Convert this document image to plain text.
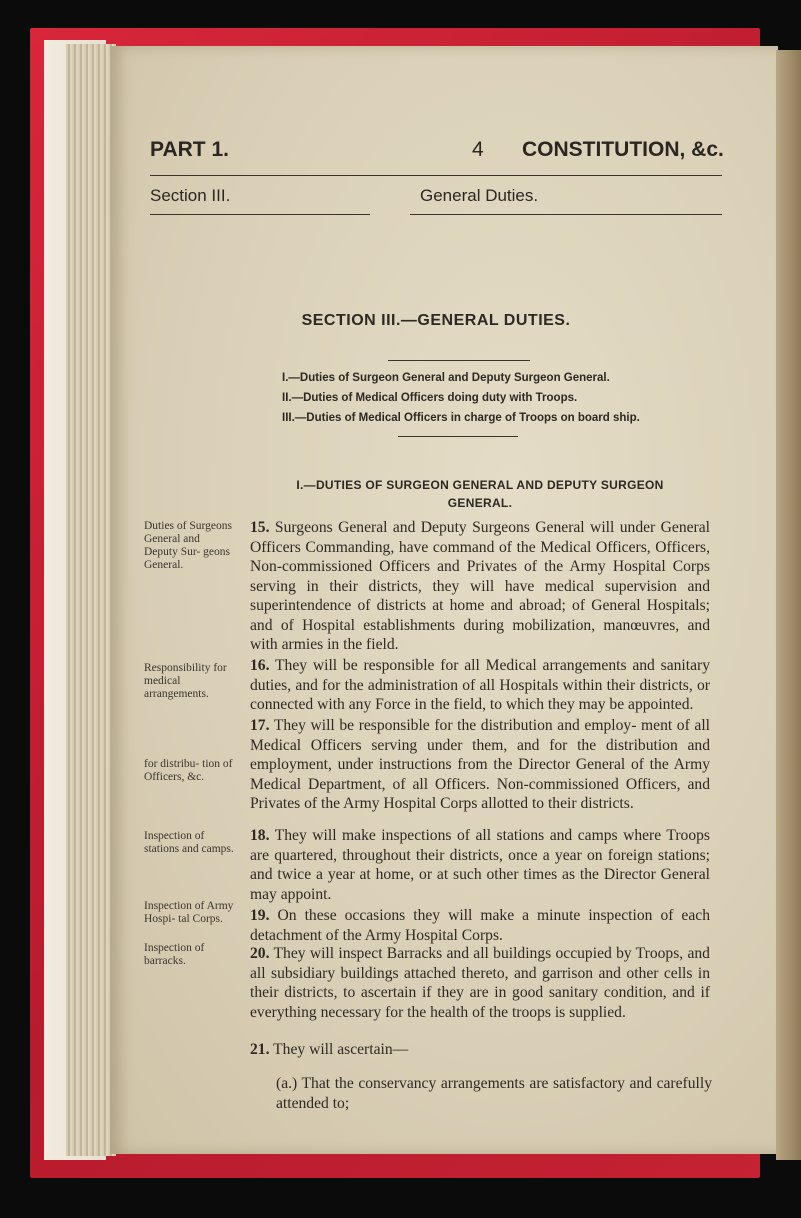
PART 1.	4 CONSTITUTION, &c.
Section III.	General Duties.
SECTION III.—GENERAL DUTIES.
I.—Duties of Surgeon General and Deputy Surgeon General.
II.—Duties of Medical Officers doing duty with Troops.
III.—Duties of Medical Officers in charge of Troops on board ship.
I.—DUTIES OF SURGEON GENERAL AND DEPUTY SURGEON
GENERAL.
Duties of Surgeons General and Deputy Sur- geons General.
Responsibility for medical arrangements.
for distribu- tion of Officers, &c.
Inspection of stations and camps.
Inspection of Army Hospi- tal Corps.
Inspection of barracks.
15. Surgeons General and Deputy Surgeons General will under General Officers Commanding, have command of the Medical Officers, Officers, Non-commissioned Officers and Privates of the Army Hospital Corps serving in their districts, they will have medical supervision and superintendence of districts at home and abroad; of General Hospitals; and of Hospital establishments during mobilization, manœuvres, and with armies in the field.
16. They will be responsible for all Medical arrangements and sanitary duties, and for the administration of all Hospitals within their districts, or connected with any Force in the field, to which they may be appointed.
17. They will be responsible for the distribution and employ- ment of all Medical Officers serving under them, and for the distribution and employment, under instructions from the Director General of the Army Medical Department, of all Officers. Non-commissioned Officers, and Privates of the Army Hospital Corps allotted to their districts.
18. They will make inspections of all stations and camps where Troops are quartered, throughout their districts, once a year on foreign stations; and twice a year at home, or at such other times as the Director General may appoint.
19. On these occasions they will make a minute inspection of each detachment of the Army Hospital Corps.
20. They will inspect Barracks and all buildings occupied by Troops, and all subsidiary buildings attached thereto, and garrison and other cells in their districts, to ascertain if they are in good sanitary condition, and if everything necessary for the health of the troops is supplied.
21. They will ascertain—
(a.) That the conservancy arrangements are satisfactory and carefully attended to;
